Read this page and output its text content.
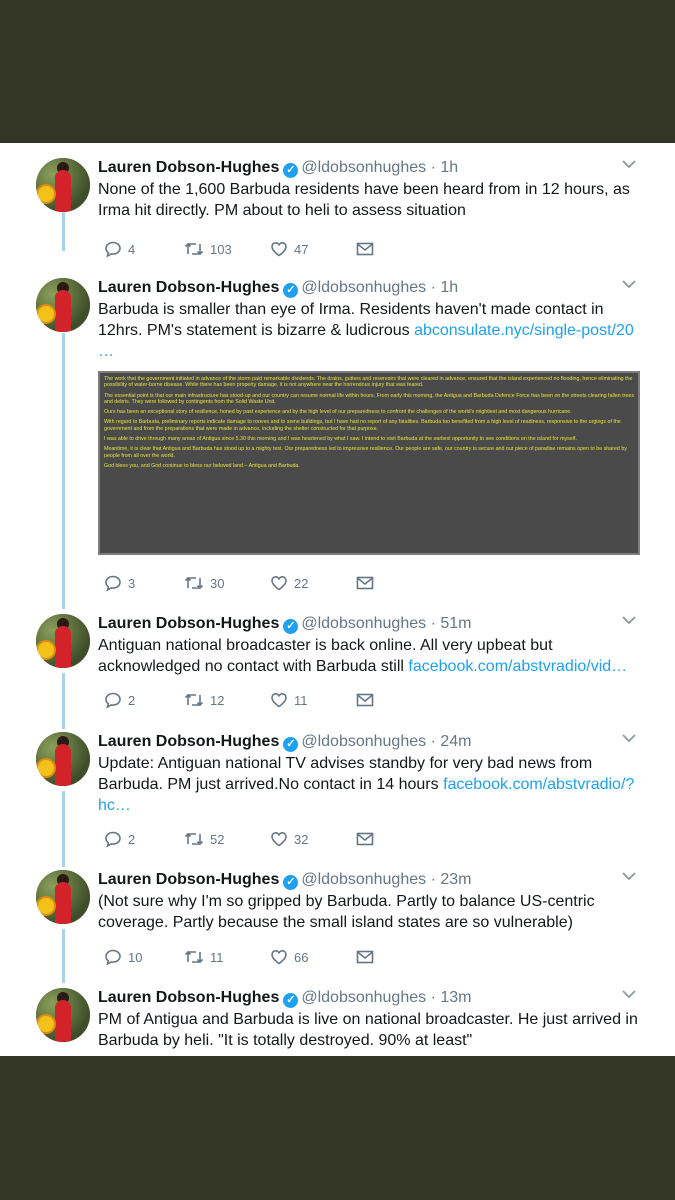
Lauren Dobson-Hughes ✓ @ldobsonhughes · 1h
None of the 1,600 Barbuda residents have been heard from in 12 hours, as Irma hit directly. PM about to heli to assess situation
4	103	47
Lauren Dobson-Hughes ✓ @ldobsonhughes · 1h
Barbuda is smaller than eye of Irma. Residents haven't made contact in 12hrs. PM's statement is bizarre & ludicrous abconsulate.nyc/single-post/20 …

The work that the government initiated in advance of the storm paid remarkable dividends. The drains, gutters and reservoirs that were cleared in advance, ensured that the island experienced no flooding, hence eliminating the possibility of water-borne disease. While there has been property damage, it is not anywhere near the horrendous injury that was feared.

The essential point is that our main infrastructure has stood-up and our country can resume normal life within hours. From early this morning, the Antigua and Barbuda Defence Force has been on the streets clearing fallen trees and debris. They were followed by contingents from the Solid Waste Unit.

Ours has been an exceptional story of resilience, honed by past experience and by the high level of our preparedness to confront the challenges of the world's mightiest and most dangerous hurricane.

With regard to Barbuda, preliminary reports indicate damage to rooves and to some buildings, but I have had no report of any fatalities. Barbuda too benefited from a high level of readiness, responsive to the urgings of the government and from the preparations that were made in advance, including the shelter constructed for that purpose.

I was able to drive through many areas of Antigua since 5.30 this morning and I was heartened by what I saw. I intend to visit Barbuda at the earliest opportunity to see conditions on the island for myself.

Meantime, it is clear that Antigua and Barbuda has stood up to a mighty test. Our preparedness led to impressive resilience. Our people are safe, our country is secure and our piece of paradise remains open to be shared by people from all over the world.

God bless you, and God continue to bless our beloved land – Antigua and Barbuda.

3	30	22
Lauren Dobson-Hughes ✓ @ldobsonhughes · 51m
Antiguan national broadcaster is back online. All very upbeat but acknowledged no contact with Barbuda still facebook.com/abstvradio/vid…
2	12	11
Lauren Dobson-Hughes ✓ @ldobsonhughes · 24m
Update: Antiguan national TV advises standby for very bad news from Barbuda. PM just arrived.No contact in 14 hours facebook.com/abstvradio/?hc…
2	52	32
Lauren Dobson-Hughes ✓ @ldobsonhughes · 23m
(Not sure why I'm so gripped by Barbuda. Partly to balance US-centric coverage. Partly because the small island states are so vulnerable)
10	11	66
Lauren Dobson-Hughes ✓ @ldobsonhughes · 13m
PM of Antigua and Barbuda is live on national broadcaster. He just arrived in Barbuda by heli. "It is totally destroyed. 90% at least"
